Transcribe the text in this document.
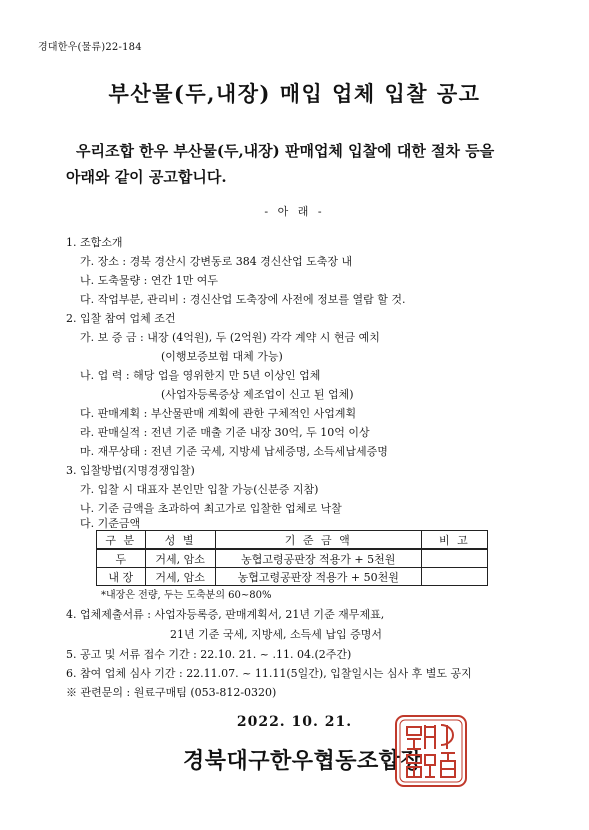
경대한우(물류)22-184
부산물(두,내장) 매입 업체 입찰 공고
우리조합 한우 부산물(두,내장) 판매업체 입찰에 대한 절차 등을
아래와 같이 공고합니다.
- 아 래 -
1. 조합소개
가. 장소 : 경북 경산시 강변동로 384 경신산업 도축장 내
나. 도축물량 : 연간 1만 여두
다. 작업부분, 관리비 : 경신산업 도축장에 사전에 정보를 열람 할 것.
2. 입찰 참여 업체 조건
가. 보 증 금 : 내장 (4억원), 두 (2억원) 각각 계약 시 현금 예치
(이행보증보험 대체 가능)
나. 업 력 : 해당 업을 영위한지 만 5년 이상인 업체
(사업자등록증상 제조업이 신고 된 업체)
다. 판매계획 : 부산물판매 계획에 관한 구체적인 사업계획
라. 판매실적 : 전년 기준 매출 기준 내장 30억, 두 10억 이상
마. 재무상태 : 전년 기준 국세, 지방세 납세증명, 소득세납세증명
3. 입찰방법(지명경쟁입찰)
가. 입찰 시 대표자 본인만 입찰 가능(신분증 지참)
나. 기준 금액을 초과하여 최고가로 입찰한 업체로 낙찰
다. 기준금액
구 분	성 별	기 준 금 액	비 고
두	거세, 암소	농협고령공판장 적용가 + 5천원	
내 장	거세, 암소	농협고령공판장 적용가 + 50천원	
*내장은 전량, 두는 도축분의 60~80%
4. 업체제출서류 : 사업자등록증, 판매계획서, 21년 기준 재무제표,
21년 기준 국세, 지방세, 소득세 납입 증명서
5. 공고 및 서류 접수 기간 : 22.10. 21. ~ .11. 04.(2주간)
6. 참여 업체 심사 기간 : 22.11.07. ~ 11.11(5일간), 입찰일시는 심사 후 별도 공지
※ 관련문의 : 원료구매팀 (053-812-0320)
2022. 10. 21.
경북대구한우협동조합장
